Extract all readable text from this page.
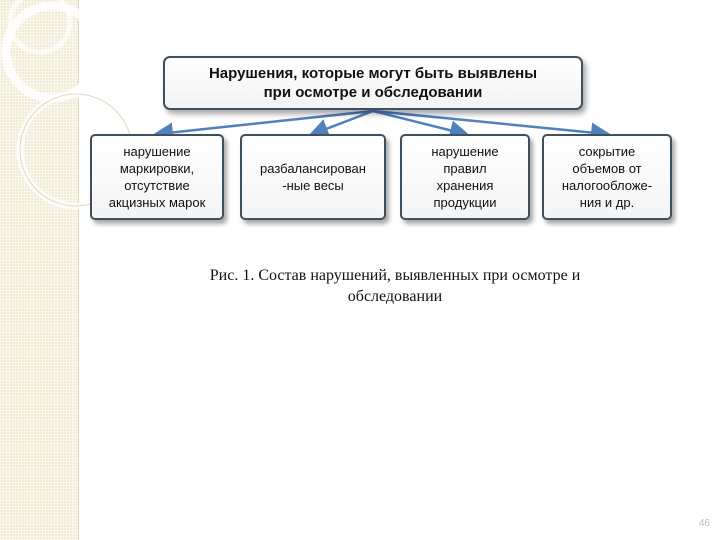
Нарушения, которые могут быть выявлены
при осмотре и обследовании
нарушение
маркировки,
отсутствие
акцизных марок
разбалансирован
-ные весы
нарушение
правил
хранения
продукции
сокрытие
объемов от
налогообложе-
ния и др.
Рис. 1. Состав нарушений, выявленных при осмотре и
обследовании
46
